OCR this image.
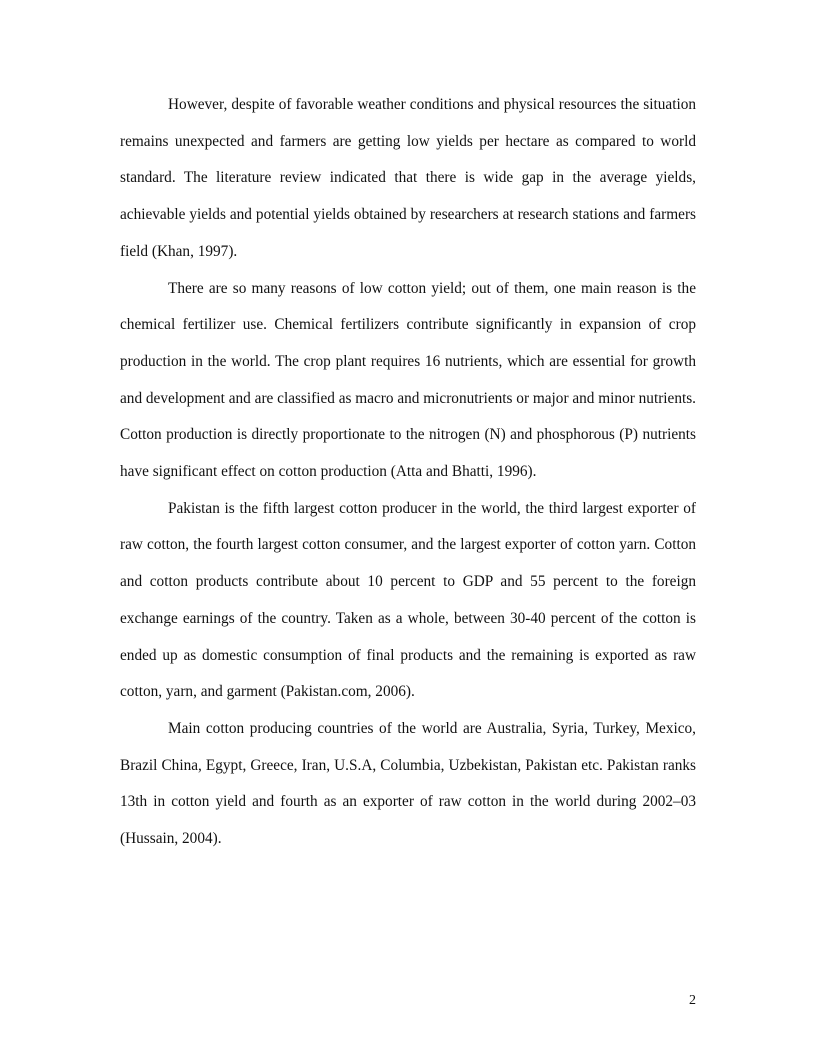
However, despite of favorable weather conditions and physical resources the situation remains unexpected and farmers are getting low yields per hectare as compared to world standard. The literature review indicated that there is wide gap in the average yields, achievable yields and potential yields obtained by researchers at research stations and farmers field (Khan, 1997).

There are so many reasons of low cotton yield; out of them, one main reason is the chemical fertilizer use. Chemical fertilizers contribute significantly in expansion of crop production in the world. The crop plant requires 16 nutrients, which are essential for growth and development and are classified as macro and micronutrients or major and minor nutrients. Cotton production is directly proportionate to the nitrogen (N) and phosphorous (P) nutrients have significant effect on cotton production (Atta and Bhatti, 1996).

Pakistan is the fifth largest cotton producer in the world, the third largest exporter of raw cotton, the fourth largest cotton consumer, and the largest exporter of cotton yarn. Cotton and cotton products contribute about 10 percent to GDP and 55 percent to the foreign exchange earnings of the country. Taken as a whole, between 30-40 percent of the cotton is ended up as domestic consumption of final products and the remaining is exported as raw cotton, yarn, and garment (Pakistan.com, 2006).

Main cotton producing countries of the world are Australia, Syria, Turkey, Mexico, Brazil China, Egypt, Greece, Iran, U.S.A, Columbia, Uzbekistan, Pakistan etc. Pakistan ranks 13th in cotton yield and fourth as an exporter of raw cotton in the world during 2002–03 (Hussain, 2004).

2
